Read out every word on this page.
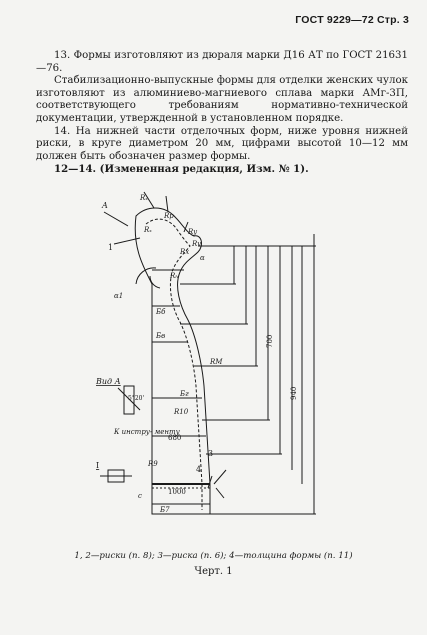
ГОСТ 9229—72 Стр. 3

13. Формы изготовляют из дюраля марки Д16 АТ по ГОСТ 21631—76.

Стабилизационно-выпускные формы для отделки женских чулок изготовляют из алюминиево-магниевого сплава марки АМг-3П, соответствующего требованиям нормативно-технической документации, утвержденной в установленном порядке.

14. На нижней части отделочных форм, ниже уровня нижней риски, в круге диаметром 20 мм, цифрами высотой 10—12 мм должен быть обозначен размер формы.

12—14. (Измененная редакция, Изм. № 1).

A
Rₓ
Rp
Ry
Rv
Rₓ
Rx
Rₕ
RM
R10
R9
Бб
Бв
Бг
Б7
680
1000
700
940
α1
α
1
3
4
Вид А
К инстру- менту
I
c
5°20'
1, 2—риски (п. 8); 3—риска (п. 6); 4—толщина формы (п. 11)
Черт. 1
